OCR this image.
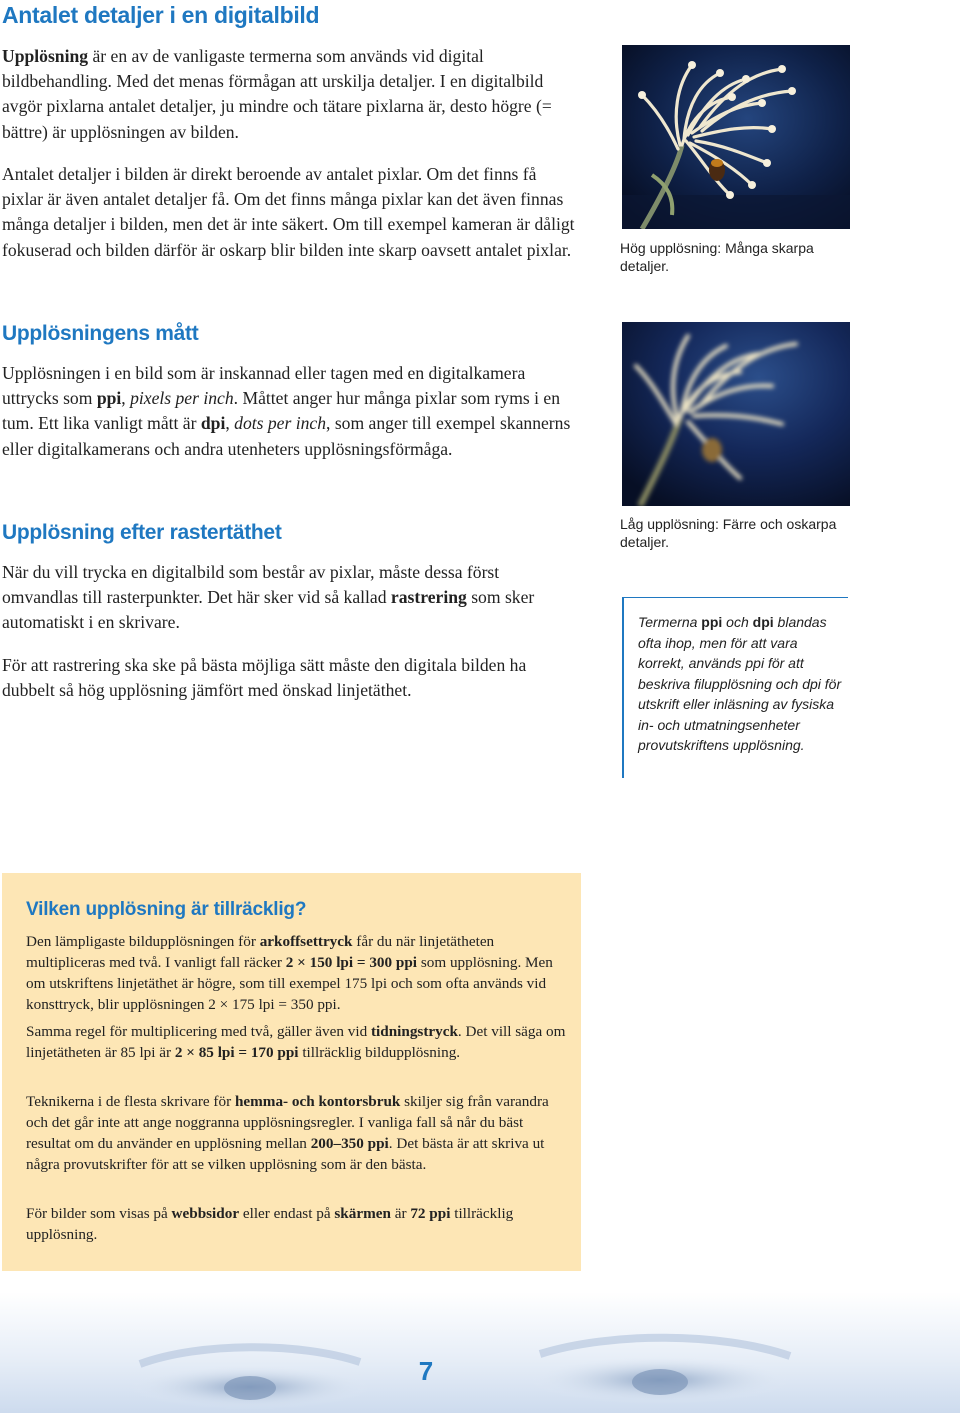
Antalet detaljer i en digitalbild

Upplösning är en av de vanligaste termerna som används vid digital bildbehandling. Med det menas förmågan att urskilja detaljer. I en digitalbild avgör pixlarna antalet detaljer, ju mindre och tätare pixlarna är, desto högre (= bättre) är upplösningen av bilden.

Antalet detaljer i bilden är direkt beroende av antalet pixlar. Om det finns få pixlar är även antalet detaljer få. Om det finns många pixlar kan det även finnas många detaljer i bilden, men det är inte säkert. Om till exempel kameran är dåligt fokuserad och bilden därför är oskarp blir bilden inte skarp oavsett antalet pixlar.

Upplösningens mått

Upplösningen i en bild som är inskannad eller tagen med en digitalkamera uttrycks som ppi, pixels per inch. Måttet anger hur många pixlar som ryms i en tum. Ett lika vanligt mått är dpi, dots per inch, som anger till exempel skannerns eller digitalkamerans och andra utenheters upplösningsförmåga.

Upplösning efter rastertäthet

När du vill trycka en digitalbild som består av pixlar, måste dessa först omvandlas till rasterpunkter. Det här sker vid så kallad rastrering som sker automatiskt i en skrivare.

För att rastrering ska ske på bästa möjliga sätt måste den digitala bilden ha dubbelt så hög upplösning jämfört med önskad linjetäthet.

Hög upplösning: Många skarpa detaljer.
Låg upplösning: Färre och oskarpa detaljer.
Termerna ppi och dpi blandas ofta ihop, men för att vara korrekt, används ppi för att beskriva filupplösning och dpi för utskrift eller inläsning av fysiska in- och utmatningsenheter provutskriftens upplösning.
Vilken upplösning är tillräcklig?

Den lämpligaste bildupplösningen för arkoffsettryck får du när linjetätheten multipliceras med två. I vanligt fall räcker 2 × 150 lpi = 300 ppi som upplösning. Men om utskriftens linjetäthet är högre, som till exempel 175 lpi och som ofta används vid konsttryck, blir upplösningen 2 × 175 lpi = 350 ppi.

Samma regel för multiplicering med två, gäller även vid tidningstryck. Det vill säga om linjetätheten är 85 lpi är 2 × 85 lpi = 170 ppi tillräcklig bildupplösning.

Teknikerna i de flesta skrivare för hemma- och kontorsbruk skiljer sig från varandra och det går inte att ange noggranna upplösningsregler. I vanliga fall så når du bäst resultat om du använder en upplösning mellan 200–350 ppi. Det bästa är att skriva ut några provutskrifter för att se vilken upplösning som är den bästa.

För bilder som visas på webbsidor eller endast på skärmen är 72 ppi tillräcklig upplösning.

7
